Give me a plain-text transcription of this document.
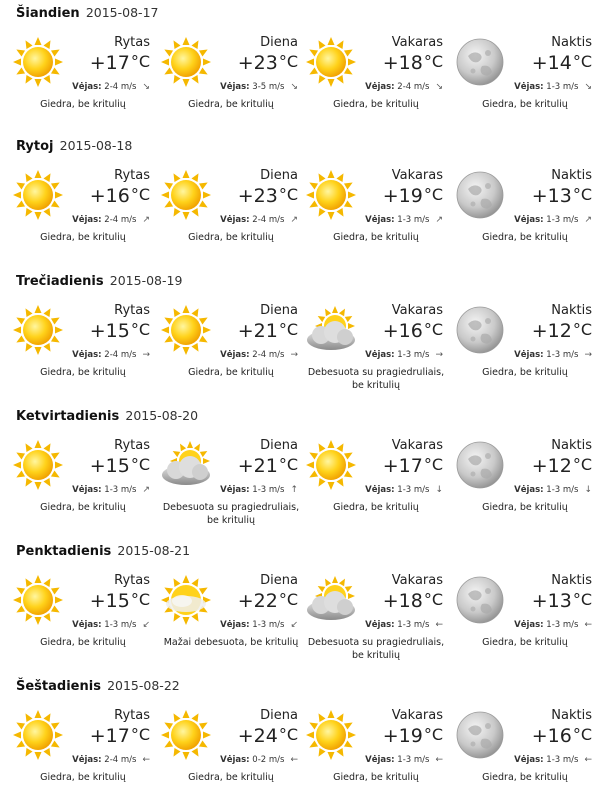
Šiandien 2015-08-17
Rytas
+17°C
Vėjas: 2-4 m/s ↘
Giedra, be kritulių
Diena
+23°C
Vėjas: 3-5 m/s ↘
Giedra, be kritulių
Vakaras
+18°C
Vėjas: 2-4 m/s ↘
Giedra, be kritulių
Naktis
+14°C
Vėjas: 1-3 m/s ↘
Giedra, be kritulių
Rytoj 2015-08-18
Rytas
+16°C
Vėjas: 2-4 m/s ↗
Giedra, be kritulių
Diena
+23°C
Vėjas: 2-4 m/s ↗
Giedra, be kritulių
Vakaras
+19°C
Vėjas: 1-3 m/s ↗
Giedra, be kritulių
Naktis
+13°C
Vėjas: 1-3 m/s ↗
Giedra, be kritulių
Trečiadienis 2015-08-19
Rytas
+15°C
Vėjas: 2-4 m/s →
Giedra, be kritulių
Diena
+21°C
Vėjas: 2-4 m/s →
Giedra, be kritulių
Vakaras
+16°C
Vėjas: 1-3 m/s →
Debesuota su pragiedruliais, be kritulių
Naktis
+12°C
Vėjas: 1-3 m/s →
Giedra, be kritulių
Ketvirtadienis 2015-08-20
Rytas
+15°C
Vėjas: 1-3 m/s ↗
Giedra, be kritulių
Diena
+21°C
Vėjas: 1-3 m/s ↑
Debesuota su pragiedruliais, be kritulių
Vakaras
+17°C
Vėjas: 1-3 m/s ↓
Giedra, be kritulių
Naktis
+12°C
Vėjas: 1-3 m/s ↓
Giedra, be kritulių
Penktadienis 2015-08-21
Rytas
+15°C
Vėjas: 1-3 m/s ↙
Giedra, be kritulių
Diena
+22°C
Vėjas: 1-3 m/s ↙
Mažai debesuota, be kritulių
Vakaras
+18°C
Vėjas: 1-3 m/s ←
Debesuota su pragiedruliais, be kritulių
Naktis
+13°C
Vėjas: 1-3 m/s ←
Giedra, be kritulių
Šeštadienis 2015-08-22
Rytas
+17°C
Vėjas: 2-4 m/s ←
Giedra, be kritulių
Diena
+24°C
Vėjas: 0-2 m/s ←
Giedra, be kritulių
Vakaras
+19°C
Vėjas: 1-3 m/s ←
Giedra, be kritulių
Naktis
+16°C
Vėjas: 1-3 m/s ←
Giedra, be kritulių
